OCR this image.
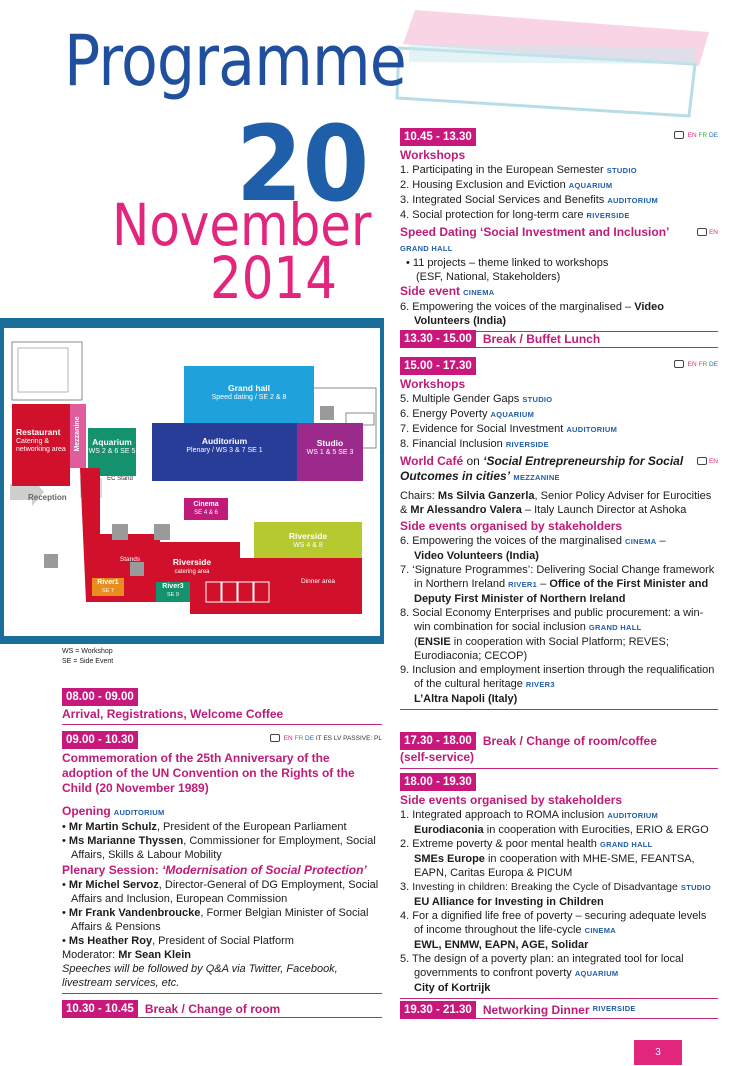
Programme
20
November
2014
Grand hall
Speed dating / SE 2 & 8
Restaurant
Catering & networking area	Mezzanine	Aquarium
WS 2 & 6 SE 5
EC Stand
Auditorium
Plenary / WS 3 & 7 SE 1
Studio
WS 1 & 5 SE 3
Cinema
SE 4 & 6
Riverside
WS 4 & 8
Stands	Riverside
catering area
Dinner area
River1
SE 7
River3
SE 9
Reception
WS = Workshop
SE = Side Event
08.00 - 09.00
Arrival, Registrations, Welcome Coffee
09.00 - 10.30	EN FR DE IT ES LV PASSIVE: PL
Commemoration of the 25th Anniversary of the adoption of the UN Convention on the Rights of the Child (20 November 1989)
Opening AUDITORIUM
• Mr Martin Schulz, President of the European Parliament
• Ms Marianne Thyssen, Commissioner for Employment, Social Affairs, Skills & Labour Mobility
Plenary Session: ‘Modernisation of Social Protection’
• Mr Michel Servoz, Director-General of DG Employment, Social Affairs and Inclusion, European Commission
• Mr Frank Vandenbroucke, Former Belgian Minister of Social Affairs & Pensions
• Ms Heather Roy, President of Social Platform
Moderator: Mr Sean Klein
Speeches will be followed by Q&A via Twitter, Facebook, livestream services, etc.
10.30 - 10.45 Break / Change of room
10.45 - 13.30	EN FR DE
Workshops
1. Participating in the European Semester STUDIO
2. Housing Exclusion and Eviction AQUARIUM
3. Integrated Social Services and Benefits AUDITORIUM
4. Social protection for long-term care RIVERSIDE
Speed Dating ‘Social Investment and Inclusion’	EN
GRAND HALL
• 11 projects – theme linked to workshops
(ESF, National, Stakeholders)
Side event CINEMA
6. Empowering the voices of the marginalised – Video Volunteers (India)
13.30 - 15.00 Break / Buffet Lunch
15.00 - 17.30	EN FR DE
Workshops
5. Multiple Gender Gaps STUDIO
6. Energy Poverty AQUARIUM
7. Evidence for Social Investment AUDITORIUM
8. Financial Inclusion RIVERSIDE
World Café on ‘Social Entrepreneurship for Social Outcomes in cities’ MEZZANINE
EN
Chairs: Ms Silvia Ganzerla, Senior Policy Adviser for Eurocities & Mr Alessandro Valera – Italy Launch Director at Ashoka
Side events organised by stakeholders
6. Empowering the voices of the marginalised CINEMA –
Video Volunteers (India)
7. ‘Signature Programmes’: Delivering Social Change framework in Northern Ireland RIVER1 – Office of the First Minister and Deputy First Minister of Northern Ireland
8. Social Economy Enterprises and public procurement: a win-win combination for social inclusion GRAND HALL
(ENSIE in cooperation with Social Platform; REVES; Eurodiaconia; CECOP)
9. Inclusion and employment insertion through the requalification of the cultural heritage RIVER3
L’Altra Napoli (Italy)
17.30 - 18.00 Break / Change of room/coffee
(self-service)
18.00 - 19.30
Side events organised by stakeholders
1. Integrated approach to ROMA inclusion AUDITORIUM
Eurodiaconia in cooperation with Eurocities, ERIO & ERGO
2. Extreme poverty & poor mental health GRAND HALL
SMEs Europe in cooperation with MHE-SME, FEANTSA, EAPN, Caritas Europa & PICUM
3. Investing in children: Breaking the Cycle of Disadvantage STUDIO
EU Alliance for Investing in Children
4. For a dignified life free of poverty – securing adequate levels of income throughout the life-cycle CINEMA
EWL, ENMW, EAPN, AGE, Solidar
5. The design of a poverty plan: an integrated tool for local governments to confront poverty AQUARIUM
City of Kortrijk
19.30 - 21.30 Networking Dinner RIVERSIDE
3
